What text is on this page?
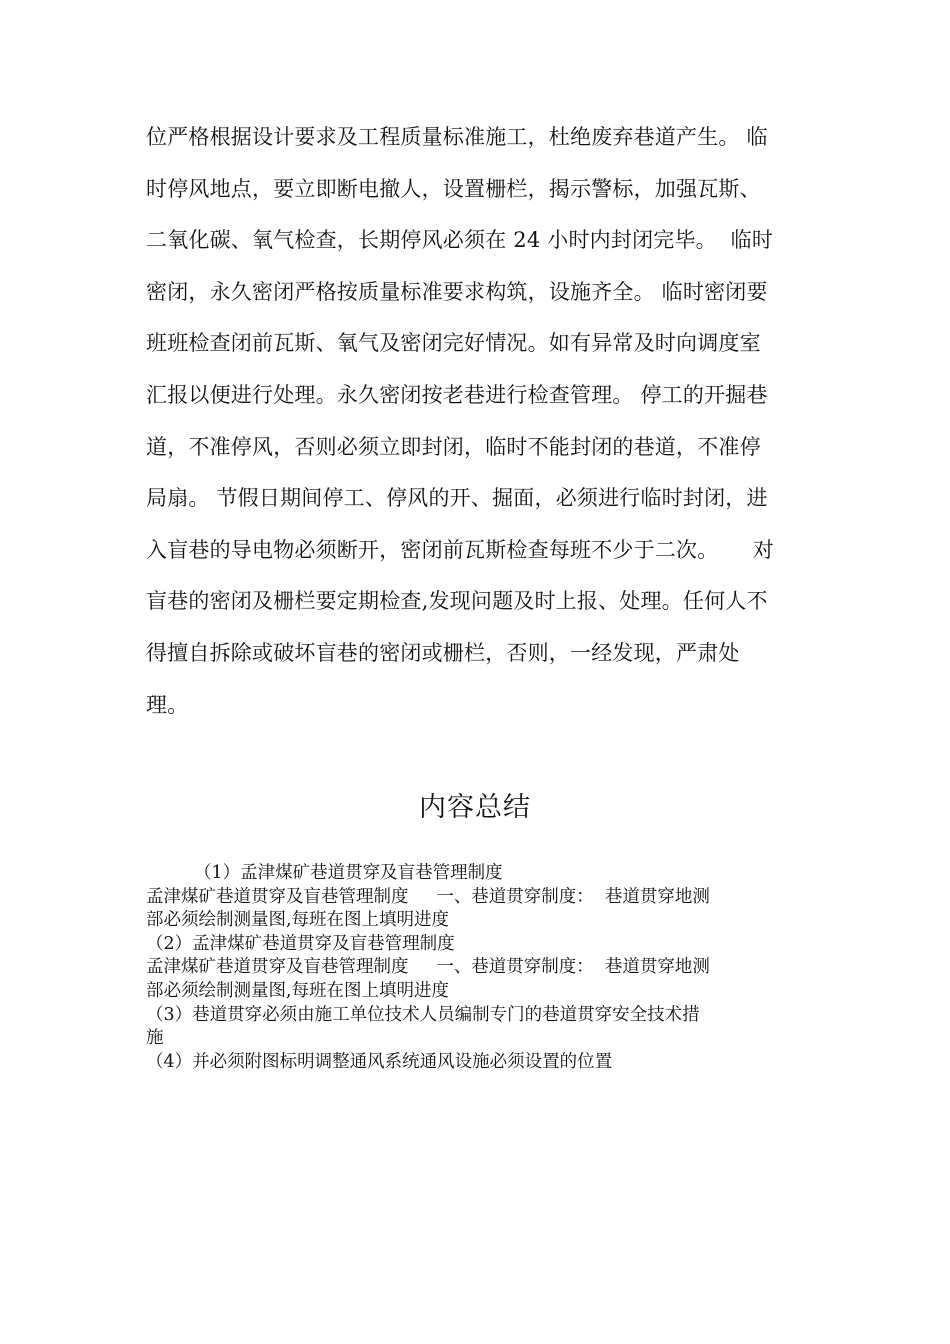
位严格根据设计要求及工程质量标准施工，杜绝废弃巷道产生。 临
时停风地点，要立即断电撤人，设置栅栏，揭示警标，加强瓦斯、
二氧化碳、氧气检查，长期停风必须在 24 小时内封闭完毕。  临时
密闭，永久密闭严格按质量标准要求构筑，设施齐全。 临时密闭要
班班检查闭前瓦斯、氧气及密闭完好情况。如有异常及时向调度室
汇报以便进行处理。永久密闭按老巷进行检查管理。 停工的开掘巷
道，不准停风，否则必须立即封闭，临时不能封闭的巷道，不准停
局扇。 节假日期间停工、停风的开、掘面，必须进行临时封闭，进
入盲巷的导电物必须断开，密闭前瓦斯检查每班不少于二次。     对
盲巷的密闭及栅栏要定期检查,发现问题及时上报、处理。任何人不
得擅自拆除或破坏盲巷的密闭或栅栏，否则，一经发现，严肃处
理。
内容总结
（1）孟津煤矿巷道贯穿及盲巷管理制度
孟津煤矿巷道贯穿及盲巷管理制度     一、巷道贯穿制度：  巷道贯穿地测
部必须绘制测量图,每班在图上填明进度
（2）孟津煤矿巷道贯穿及盲巷管理制度
孟津煤矿巷道贯穿及盲巷管理制度     一、巷道贯穿制度：  巷道贯穿地测
部必须绘制测量图,每班在图上填明进度
（3）巷道贯穿必须由施工单位技术人员编制专门的巷道贯穿安全技术措
施
（4）并必须附图标明调整通风系统通风设施必须设置的位置
